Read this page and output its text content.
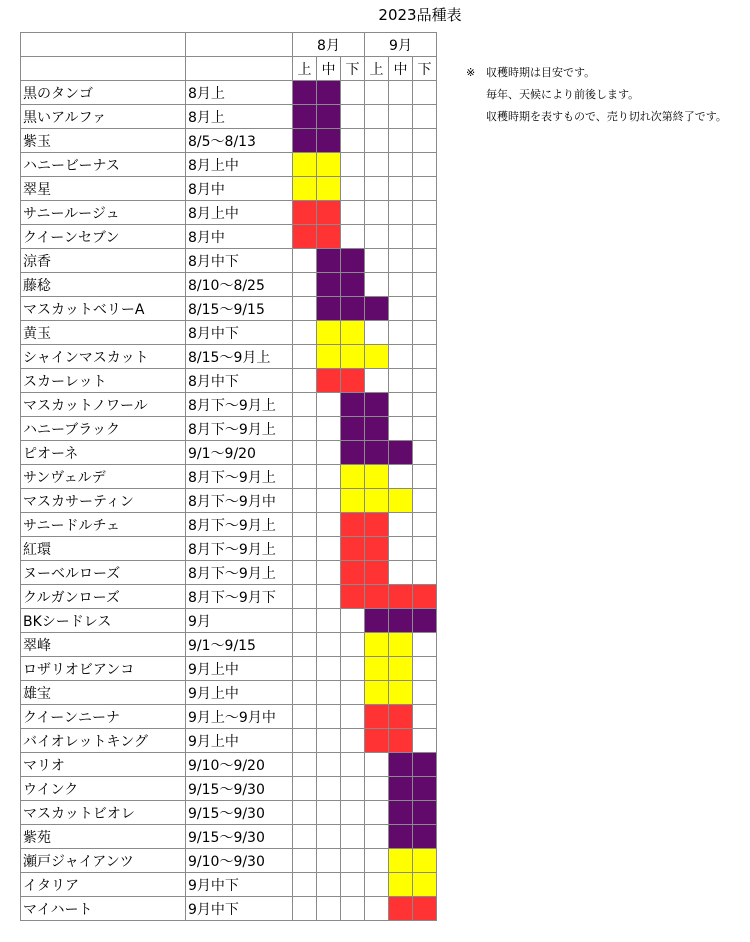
2023品種表
		8月			9月		
		上	中	下	上	中	下
黒のタンゴ	8月上						
黒いアルファ	8月上						
紫玉	8/5～8/13						
ハニービーナス	8月上中						
翠星	8月中						
サニールージュ	8月上中						
クイーンセブン	8月中						
涼香	8月中下						
藤稔	8/10～8/25						
マスカットベリーA	8/15～9/15						
黄玉	8月中下						
シャインマスカット	8/15～9月上						
スカーレット	8月中下						
マスカットノワール	8月下～9月上						
ハニーブラック	8月下～9月上						
ピオーネ	9/1～9/20						
サンヴェルデ	8月下～9月上						
マスカサーティン	8月下～9月中						
サニードルチェ	8月下～9月上						
紅環	8月下～9月上						
ヌーベルローズ	8月下～9月上						
クルガンローズ	8月下～9月下						
BKシードレス	9月						
翠峰	9/1～9/15						
ロザリオビアンコ	9月上中						
雄宝	9月上中						
クイーンニーナ	9月上～9月中						
バイオレットキング	9月上中						
マリオ	9/10～9/20						
ウインク	9/15～9/30						
マスカットビオレ	9/15～9/30						
紫苑	9/15～9/30						
瀬戸ジャイアンツ	9/10～9/30						
イタリア	9月中下						
マイハート	9月中下						
※ 収穫時期は目安です。
毎年、天候により前後します。
収穫時期を表すもので、売り切れ次第終了です。
